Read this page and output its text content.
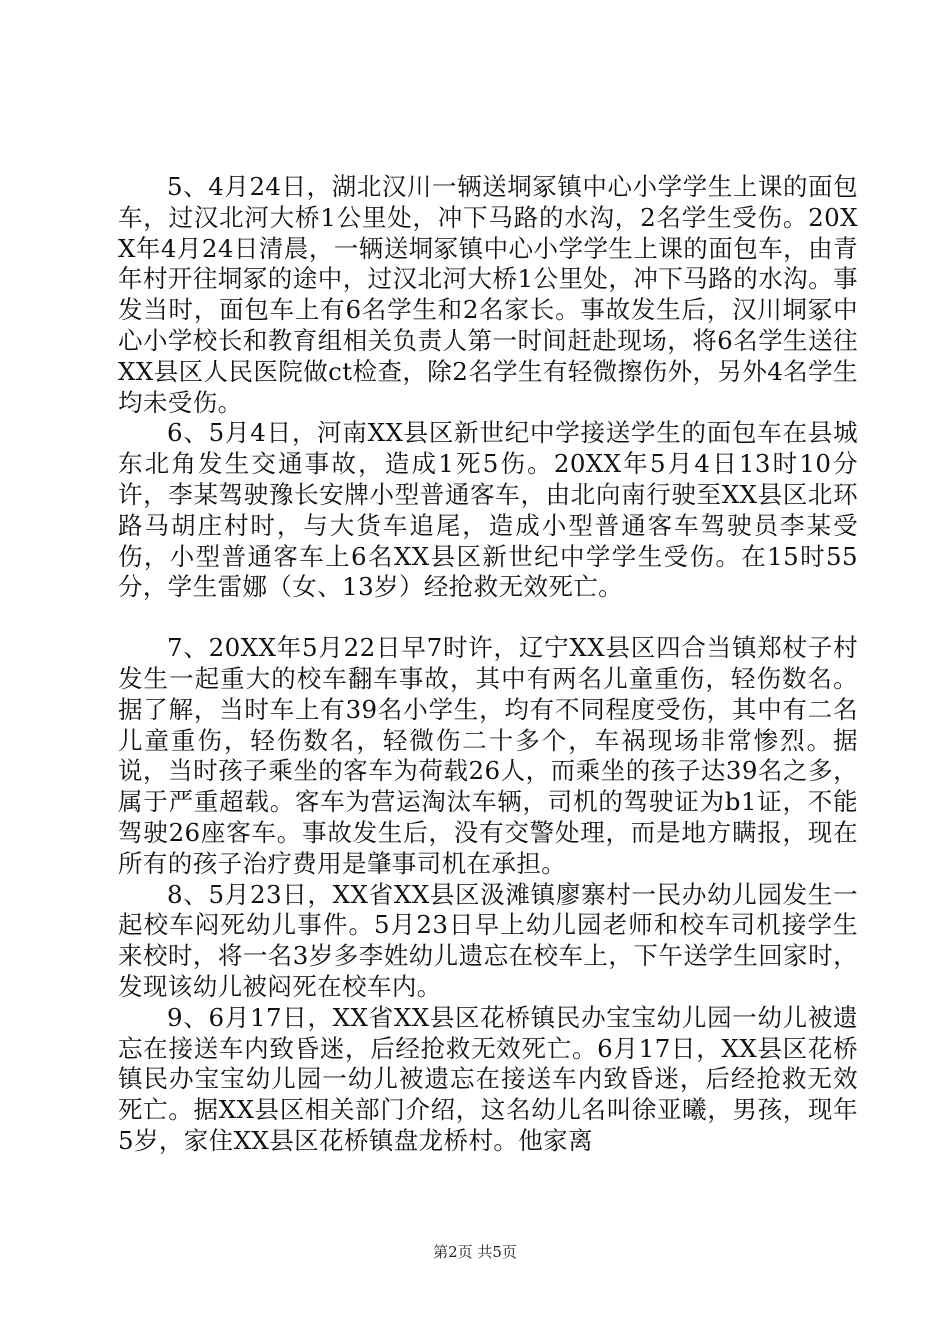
5、4月24日，湖北汉川一辆送垌冢镇中心小学学生上课的面包车，过汉北河大桥1公里处，冲下马路的水沟，2名学生受伤。20XX年4月24日清晨，一辆送垌冢镇中心小学学生上课的面包车，由青年村开往垌冢的途中，过汉北河大桥1公里处，冲下马路的水沟。事发当时，面包车上有6名学生和2名家长。事故发生后，汉川垌冢中心小学校长和教育组相关负责人第一时间赶赴现场，将6名学生送往XX县区人民医院做ct检查，除2名学生有轻微擦伤外，另外4名学生均未受伤。

6、5月4日，河南XX县区新世纪中学接送学生的面包车在县城东北角发生交通事故，造成1死5伤。20XX年5月4日13时10分许，李某驾驶豫长安牌小型普通客车，由北向南行驶至XX县区北环路马胡庄村时，与大货车追尾，造成小型普通客车驾驶员李某受伤，小型普通客车上6名XX县区新世纪中学学生受伤。在15时55分，学生雷娜（女、13岁）经抢救无效死亡。

7、20XX年5月22日早7时许，辽宁XX县区四合当镇郑杖子村发生一起重大的校车翻车事故，其中有两名儿童重伤，轻伤数名。据了解，当时车上有39名小学生，均有不同程度受伤，其中有二名儿童重伤，轻伤数名，轻微伤二十多个，车祸现场非常惨烈。据说，当时孩子乘坐的客车为荷载26人，而乘坐的孩子达39名之多，属于严重超载。客车为营运淘汰车辆，司机的驾驶证为b1证，不能驾驶26座客车。事故发生后，没有交警处理，而是地方瞒报，现在所有的孩子治疗费用是肇事司机在承担。

8、5月23日，XX省XX县区汲滩镇廖寨村一民办幼儿园发生一起校车闷死幼儿事件。5月23日早上幼儿园老师和校车司机接学生来校时，将一名3岁多李姓幼儿遗忘在校车上，下午送学生回家时，发现该幼儿被闷死在校车内。

9、6月17日，XX省XX县区花桥镇民办宝宝幼儿园一幼儿被遗忘在接送车内致昏迷，后经抢救无效死亡。6月17日，XX县区花桥镇民办宝宝幼儿园一幼儿被遗忘在接送车内致昏迷，后经抢救无效死亡。据XX县区相关部门介绍，这名幼儿名叫徐亚曦，男孩，现年5岁，家住XX县区花桥镇盘龙桥村。他家离

第2页 共5页
